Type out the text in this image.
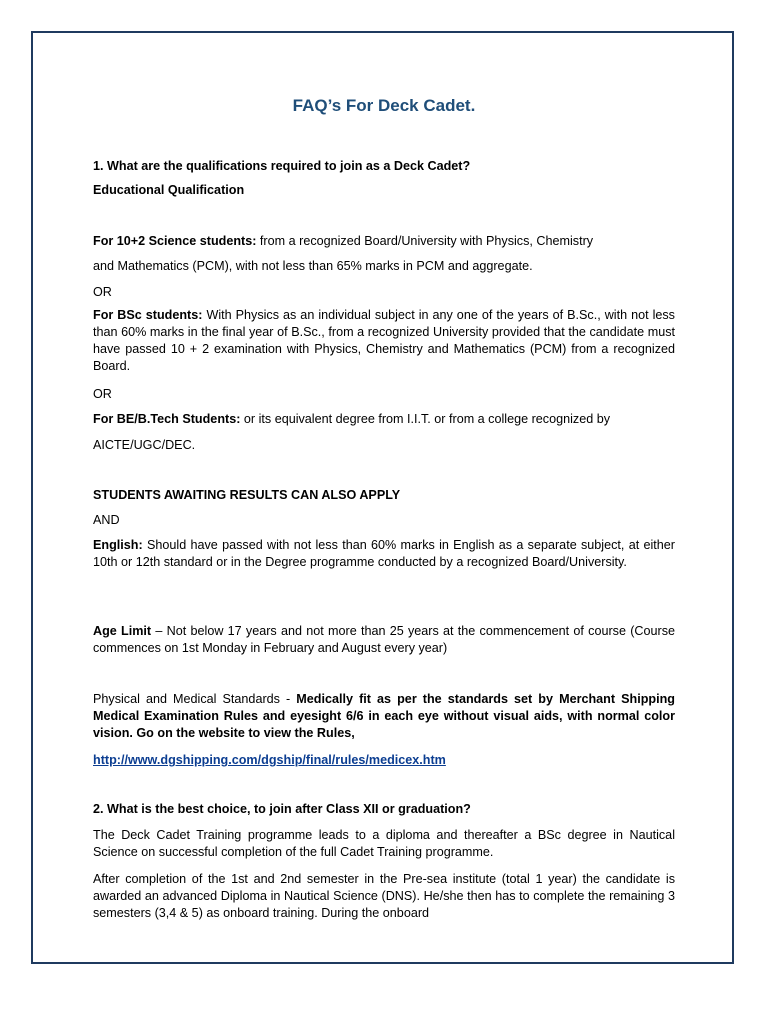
FAQ’s For Deck Cadet.
1. What are the qualifications required to join as a Deck Cadet?
Educational Qualification
For 10+2 Science students: from a recognized Board/University with Physics, Chemistry
and Mathematics (PCM), with not less than 65% marks in PCM and aggregate.
OR
For BSc students: With Physics as an individual subject in any one of the years of B.Sc., with not less than 60% marks in the final year of B.Sc., from a recognized University provided that the candidate must have passed 10 + 2 examination with Physics, Chemistry and Mathematics (PCM) from a recognized Board.
OR
For BE/B.Tech Students: or its equivalent degree from I.I.T. or from a college recognized by
AICTE/UGC/DEC.
STUDENTS AWAITING RESULTS CAN ALSO APPLY
AND
English: Should have passed with not less than 60% marks in English as a separate subject, at either 10th or 12th standard or in the Degree programme conducted by a recognized Board/University.
Age Limit – Not below 17 years and not more than 25 years at the commencement of course (Course commences on 1st Monday in February and August every year)
Physical and Medical Standards - Medically fit as per the standards set by Merchant Shipping Medical Examination Rules and eyesight 6/6 in each eye without visual aids, with normal color vision. Go on the website to view the Rules,
http://www.dgshipping.com/dgship/final/rules/medicex.htm
2. What is the best choice, to join after Class XII or graduation?
The Deck Cadet Training programme leads to a diploma and thereafter a BSc degree in Nautical Science on successful completion of the full Cadet Training programme.
After completion of the 1st and 2nd semester in the Pre-sea institute (total 1 year) the candidate is awarded an advanced Diploma in Nautical Science (DNS). He/she then has to complete the remaining 3 semesters (3,4 & 5) as onboard training. During the onboard
